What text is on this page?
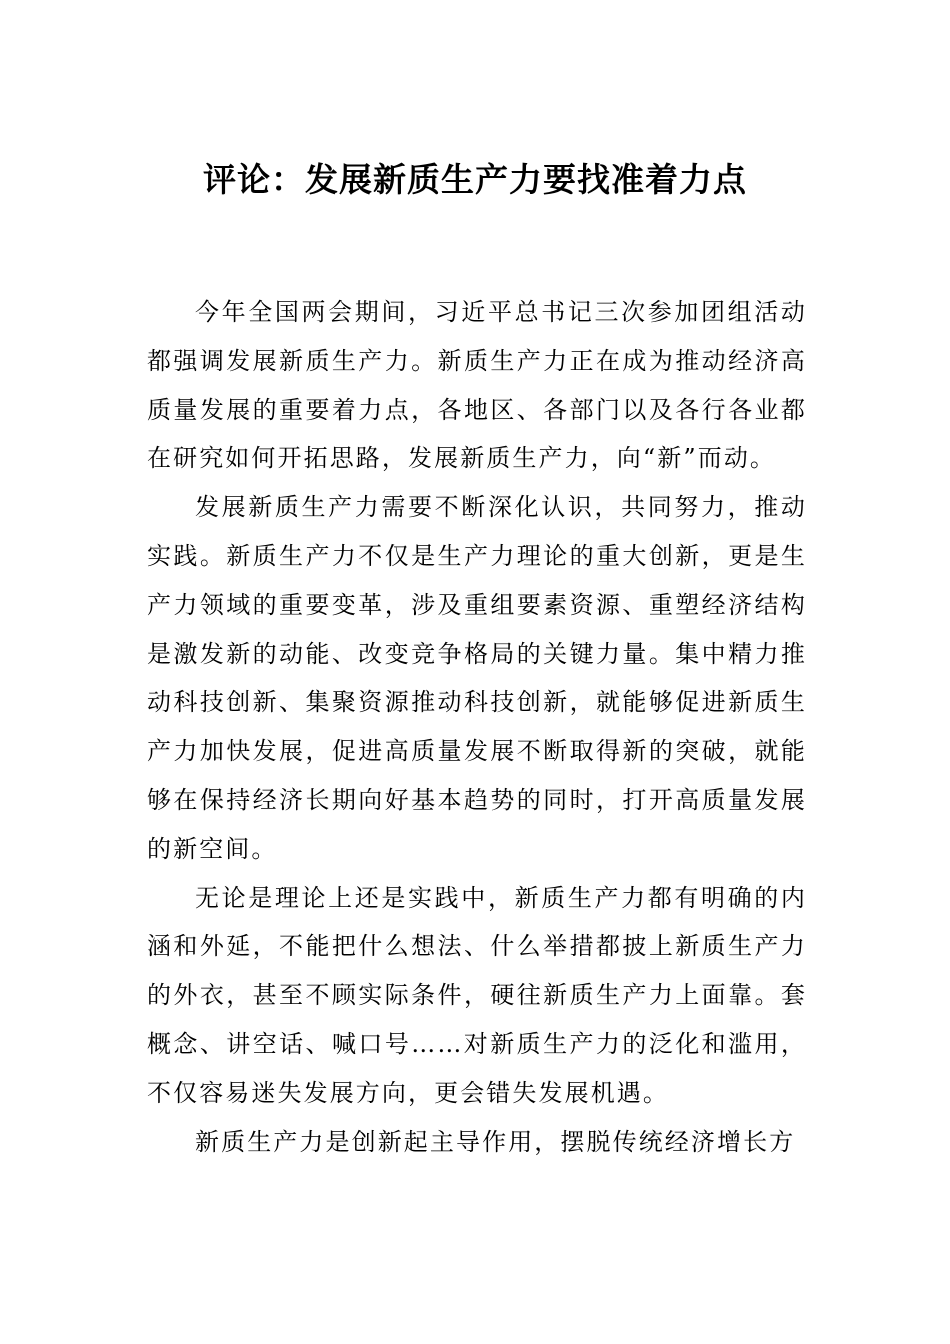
评论：发展新质生产力要找准着力点

今年全国两会期间，习近平总书记三次参加团组活动都强调发展新质生产力。新质生产力正在成为推动经济高质量发展的重要着力点，各地区、各部门以及各行各业都在研究如何开拓思路，发展新质生产力，向“新”而动。

发展新质生产力需要不断深化认识，共同努力，推动实践。新质生产力不仅是生产力理论的重大创新，更是生产力领域的重要变革，涉及重组要素资源、重塑经济结构是激发新的动能、改变竞争格局的关键力量。集中精力推动科技创新、集聚资源推动科技创新，就能够促进新质生产力加快发展，促进高质量发展不断取得新的突破，就能够在保持经济长期向好基本趋势的同时，打开高质量发展的新空间。

无论是理论上还是实践中，新质生产力都有明确的内涵和外延，不能把什么想法、什么举措都披上新质生产力的外衣，甚至不顾实际条件，硬往新质生产力上面靠。套概念、讲空话、喊口号……对新质生产力的泛化和滥用，不仅容易迷失发展方向，更会错失发展机遇。

新质生产力是创新起主导作用，摆脱传统经济增长方
